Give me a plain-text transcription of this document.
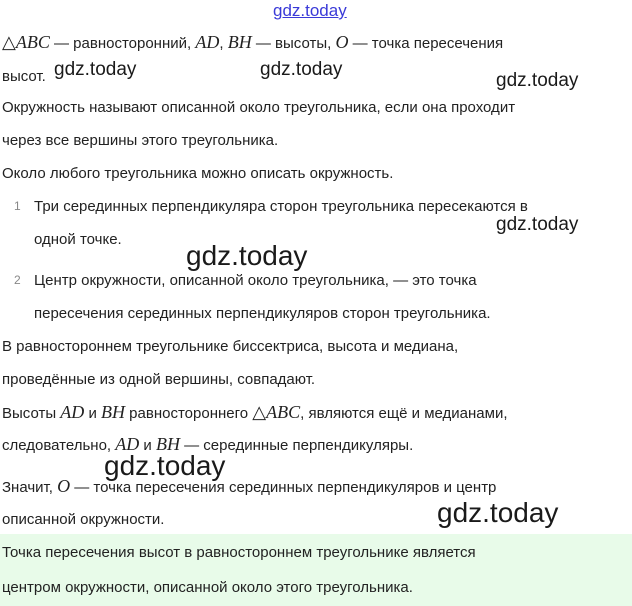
gdz.today
△ABC — равносторонний, AD, BH — высоты, O — точка пересечения
высот. gdz.today	gdz.today
gdz.today
Окружность называют описанной около треугольника, если она проходит
через все вершины этого треугольника.
Около любого треугольника можно описать окружность.
1 Три серединных перпендикуляра сторон треугольника пересекаются в
одной точке.
gdz.today
gdz.today
2 Центр окружности, описанной около треугольника, — это точка
пересечения серединных перпендикуляров сторон треугольника.
В равностороннем треугольнике биссектриса, высота и медиана,
проведённые из одной вершины, совпадают.
Высоты AD и BH равностороннего △ABC, являются ещё и медианами,
следовательно, AD и BH — серединные перпендикуляры.
gdz.today
Значит, O — точка пересечения серединных перпендикуляров и центр
описанной окружности.	gdz.today
Точка пересечения высот в равностороннем треугольнике является
центром окружности, описанной около этого треугольника.
